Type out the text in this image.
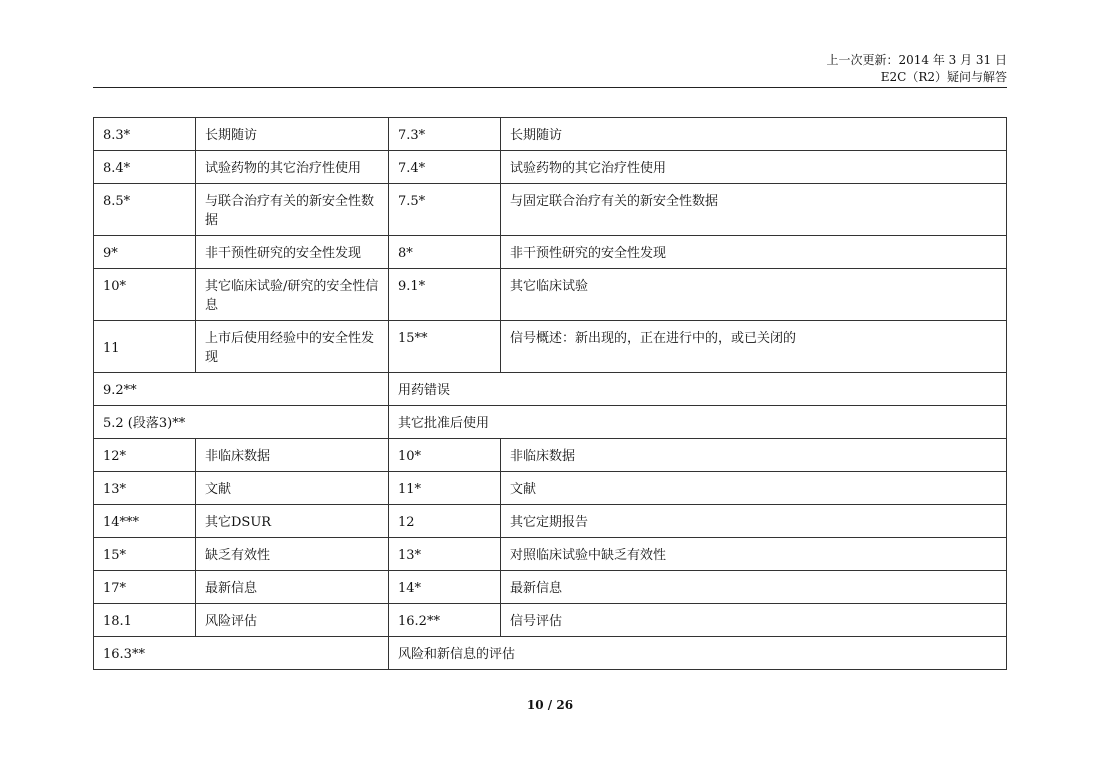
上一次更新：2014 年 3 月 31 日
E2C（R2）疑问与解答
8.3*	长期随访	7.3*	长期随访
8.4*	试验药物的其它治疗性使用	7.4*	试验药物的其它治疗性使用
8.5*	与联合治疗有关的新安全性数据	7.5*	与固定联合治疗有关的新安全性数据
9*	非干预性研究的安全性发现	8*	非干预性研究的安全性发现
10*	其它临床试验/研究的安全性信息	9.1*	其它临床试验
11	上市后使用经验中的安全性发现	15**	信号概述：新出现的，正在进行中的，或已关闭的
9.2**		用药错误	
5.2 (段落3)**		其它批准后使用	
12*	非临床数据	10*	非临床数据
13*	文献	11*	文献
14***	其它DSUR	12	其它定期报告
15*	缺乏有效性	13*	对照临床试验中缺乏有效性
17*	最新信息	14*	最新信息
18.1	风险评估	16.2**	信号评估
16.3**		风险和新信息的评估	
10 / 26
